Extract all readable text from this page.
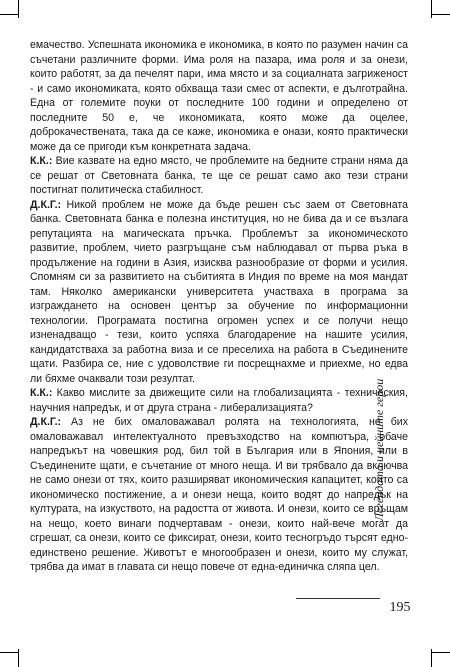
емачество. Успешната икономика е икономика, в която по разумен начин са съчетани различните форми. Има роля на пазара, има роля и за онези, които работят, за да печелят пари, има място и за социалната загриженост - и само икономиката, която обхваща тази смес от аспекти, е дълготрайна. Една от големите поуки от последните 100 години и определено от последните 50 е, че икономиката, която може да оцелее, доброкачествената, така да се каже, икономика е онази, която практически може да се пригоди към конкретната задача.

К.К.: Вие казвате на едно място, че проблемите на бедните страни няма да се решат от Световната банка, те ще се решат само ако тези страни постигнат политическа стабилност.

Д.К.Г.: Никой проблем не може да бъде решен със заем от Световната банка. Световната банка е полезна институция, но не бива да и се възлага репутацията на магическата пръчка. Проблемът за икономическото развитие, проблем, чието разгръщане съм наблюдавал от първа ръка в продължение на години в Азия, изисква разнообразие от форми и усилия. Спомням си за развитието на събитията в Индия по време на моя мандат там. Няколко американски университета участваха в програма за изграждането на основен център за обучение по информационни технологии. Програмата постигна огромен успех и се получи нещо изненадващо - тези, които успяха благодарение на нашите усилия, кандидатстваха за работна виза и се преселиха на работа в Съединените щати. Разбира се, ние с удоволствие ги посрещнахме и приехме, но едва ли бяхме очаквали този резултат.

К.К.: Какво мислите за движещите сили на глобализацията - техническия, научния напредък, и от друга страна - либерализацията?

Д.К.Г.: Аз не бих омаловажавал ролята на технологията, не бих омаловажавал интелектуалното превъзходство на компютъра, обаче напредъкът на човешкия род, бил той в България или в Япония, или в Съединените щати, е съчетание от много неща. И ви трябвало да включва не само онези от тях, които разширяват икономическия капацитет, които са икономическо постижение, а и онези неща, които водят до напредък на културата, на изкуството, на радостта от живота. И онези, които се връщам на нещо, което винаги подчертавам - онези, които най-вече могат да сгрешат, са онези, които се фиксират, онези, които тесногръдо търсят едно-единствено решение. Животът е многообразен и онези, които му служат, трябва да имат в главата си нещо повече от една-единичка сляпа цел.

Легендата и нейните герои
195
